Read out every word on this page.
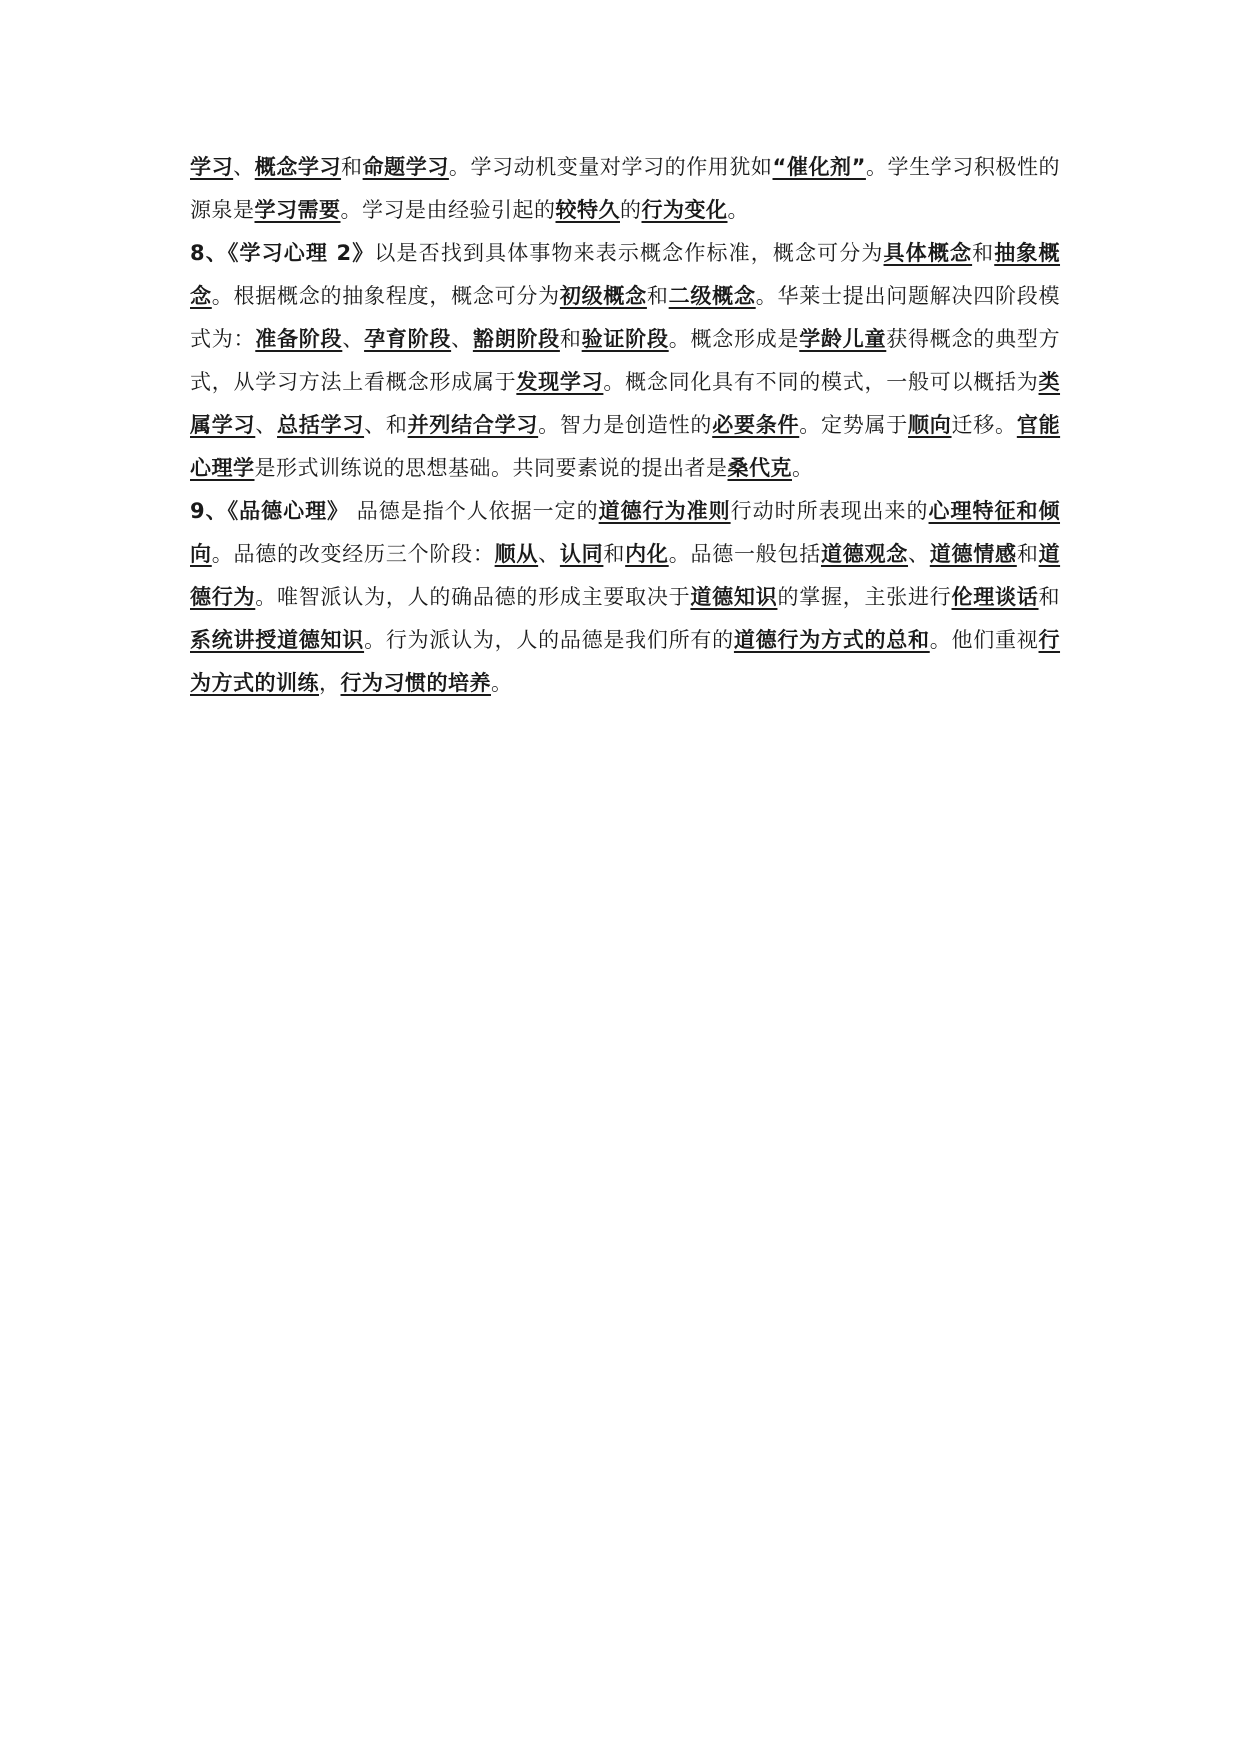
学习、概念学习和命题学习。学习动机变量对学习的作用犹如“催化剂”。学生学习积极性的源泉是学习需要。学习是由经验引起的较特久的行为变化。

8、《学习心理 2》以是否找到具体事物来表示概念作标准，概念可分为具体概念和抽象概念。根据概念的抽象程度，概念可分为初级概念和二级概念。华莱士提出问题解决四阶段模式为：准备阶段、孕育阶段、豁朗阶段和验证阶段。概念形成是学龄儿童获得概念的典型方式，从学习方法上看概念形成属于发现学习。概念同化具有不同的模式，一般可以概括为类属学习、总括学习、和并列结合学习。智力是创造性的必要条件。定势属于顺向迁移。官能心理学是形式训练说的思想基础。共同要素说的提出者是桑代克。

9、《品德心理》 品德是指个人依据一定的道德行为准则行动时所表现出来的心理特征和倾向。品德的改变经历三个阶段：顺从、认同和内化。品德一般包括道德观念、道德情感和道德行为。唯智派认为，人的确品德的形成主要取决于道德知识的掌握，主张进行伦理谈话和系统讲授道德知识。行为派认为，人的品德是我们所有的道德行为方式的总和。他们重视行为方式的训练，行为习惯的培养。
